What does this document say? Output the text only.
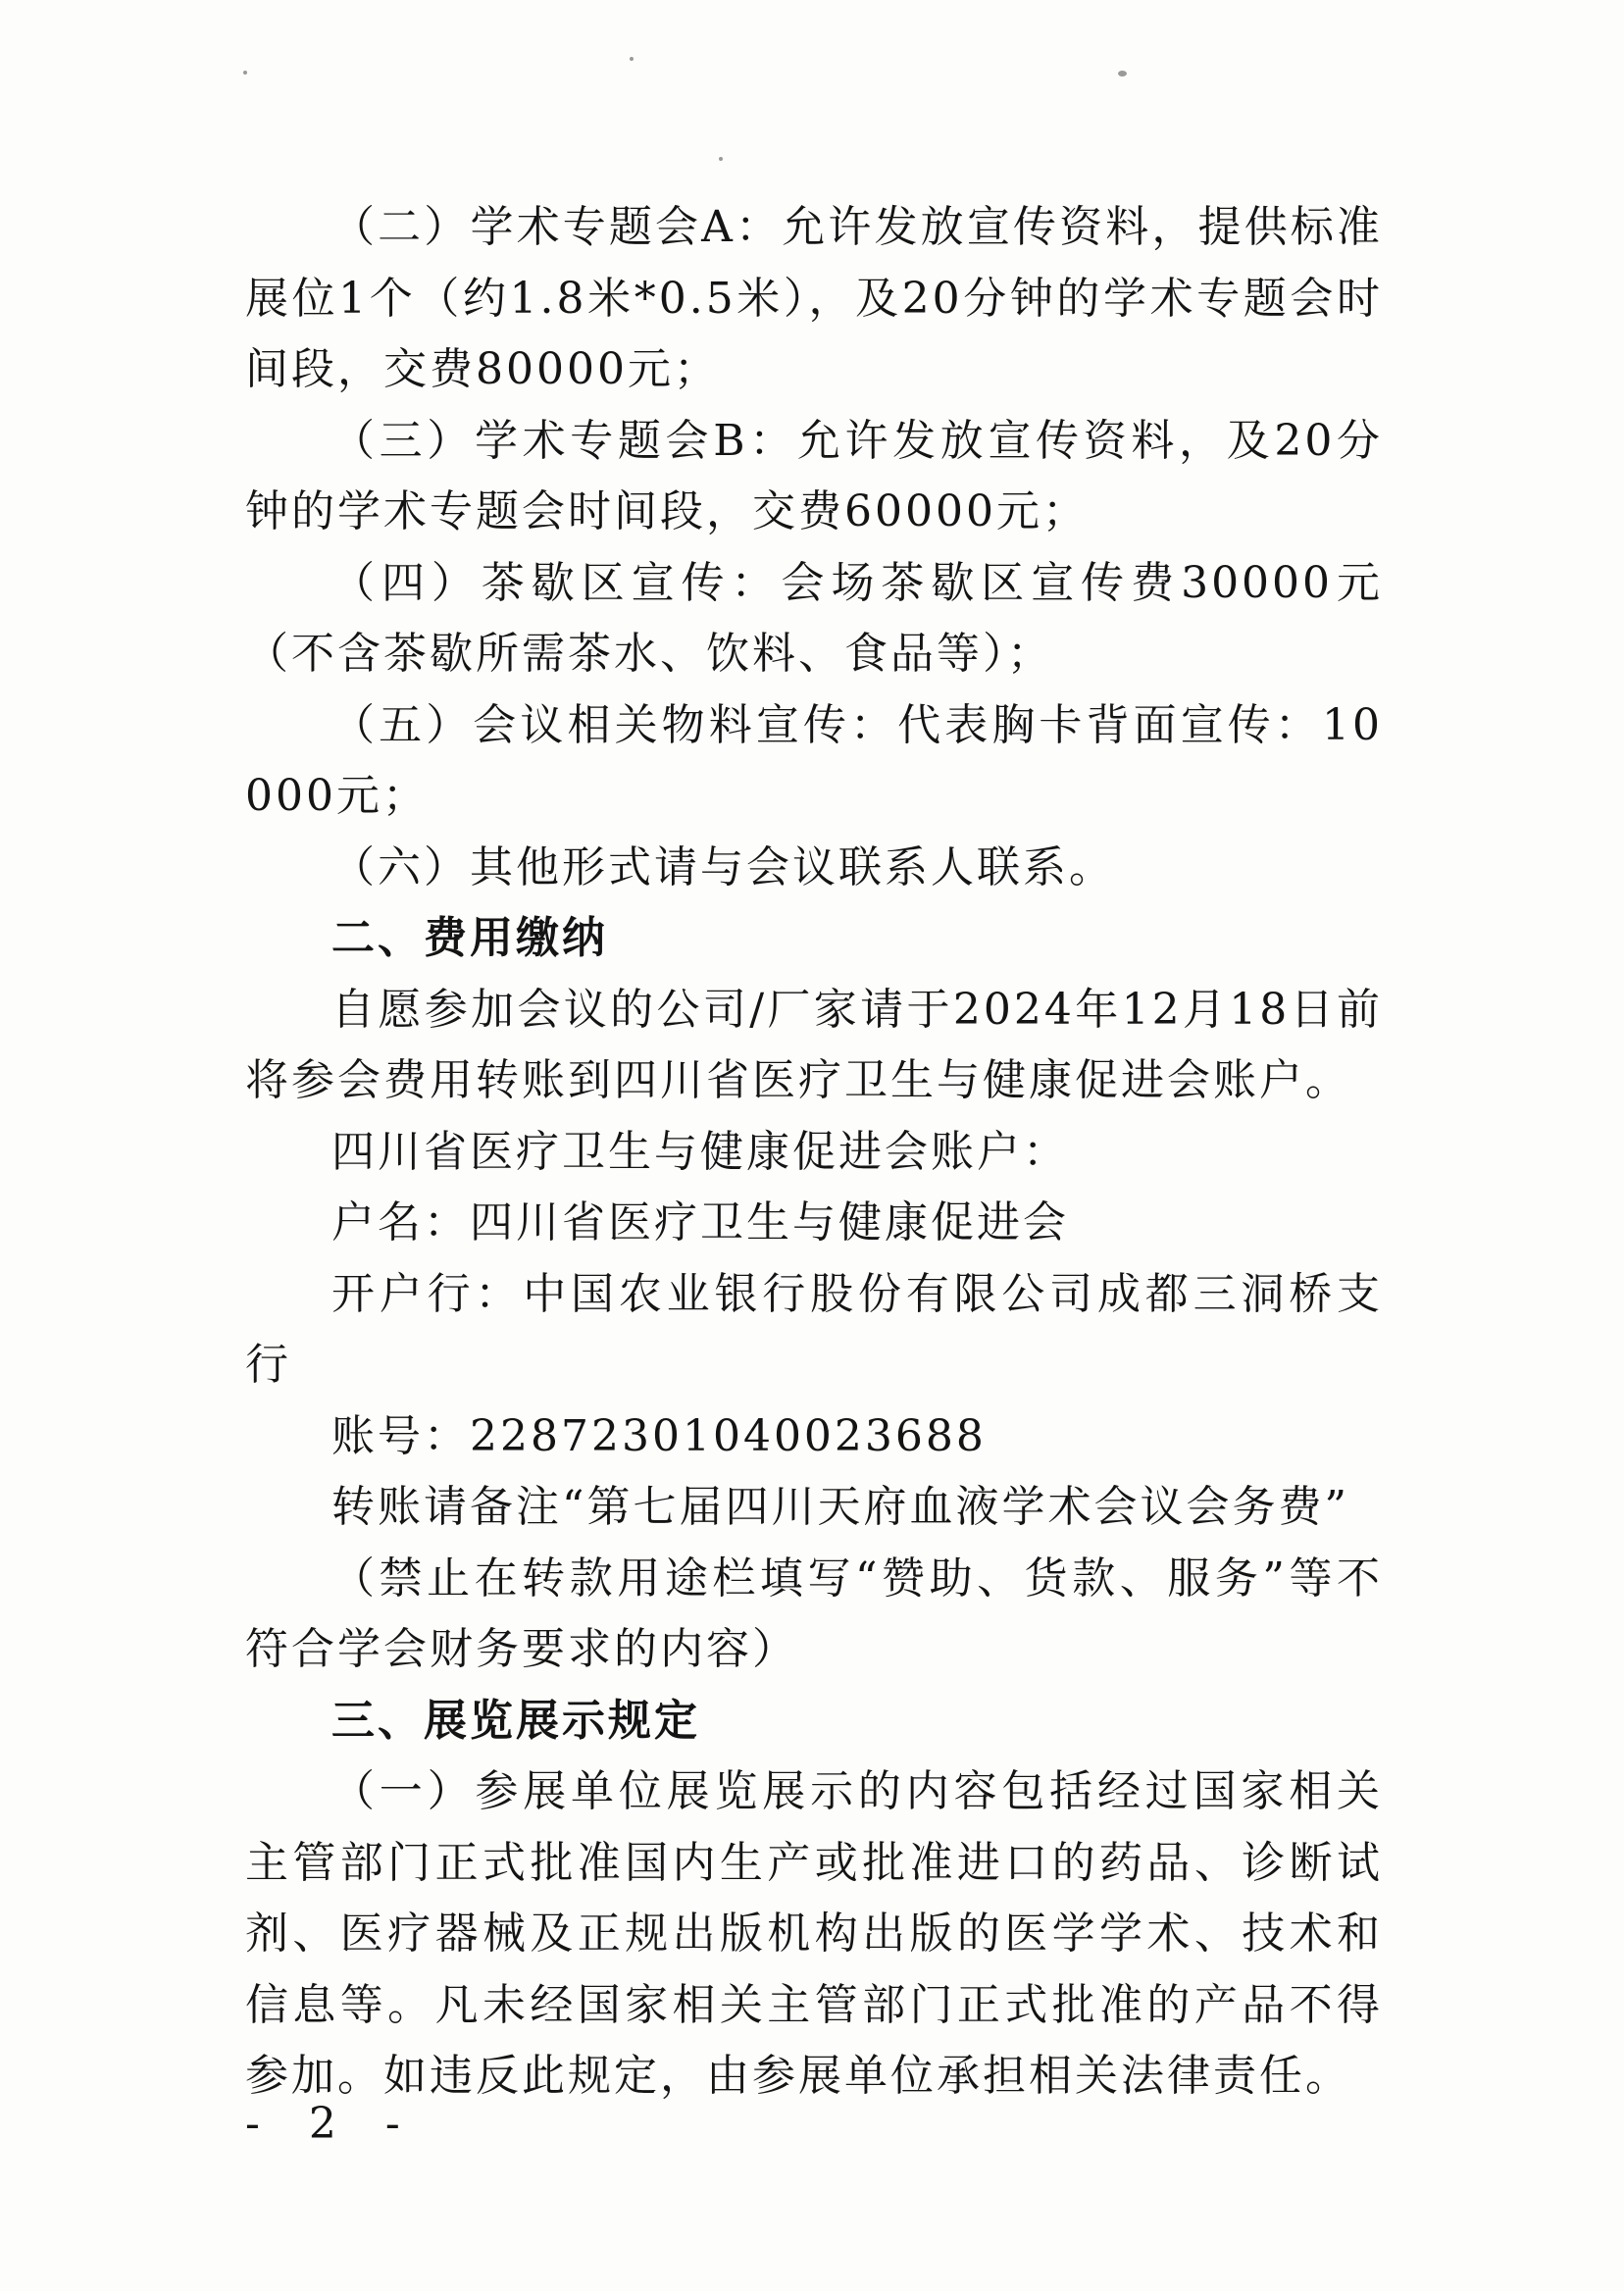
（二）学术专题会A：允许发放宣传资料，提供标准展位1个（约1.8米*0.5米），及20分钟的学术专题会时间段，交费80000元；

（三）学术专题会B：允许发放宣传资料，及20分钟的学术专题会时间段，交费60000元；

（四）茶歇区宣传：会场茶歇区宣传费30000元（不含茶歇所需茶水、饮料、食品等）；

（五）会议相关物料宣传：代表胸卡背面宣传：10000元；

（六）其他形式请与会议联系人联系。

二、费用缴纳

自愿参加会议的公司/厂家请于2024年12月18日前将参会费用转账到四川省医疗卫生与健康促进会账户。

四川省医疗卫生与健康促进会账户：

户名：四川省医疗卫生与健康促进会

开户行：中国农业银行股份有限公司成都三洞桥支行

账号：22872301040023688

转账请备注“第七届四川天府血液学术会议会务费”

（禁止在转款用途栏填写“赞助、货款、服务”等不符合学会财务要求的内容）

三、展览展示规定

（一）参展单位展览展示的内容包括经过国家相关主管部门正式批准国内生产或批准进口的药品、诊断试剂、医疗器械及正规出版机构出版的医学学术、技术和信息等。凡未经国家相关主管部门正式批准的产品不得参加。如违反此规定，由参展单位承担相关法律责任。

- 2 -
